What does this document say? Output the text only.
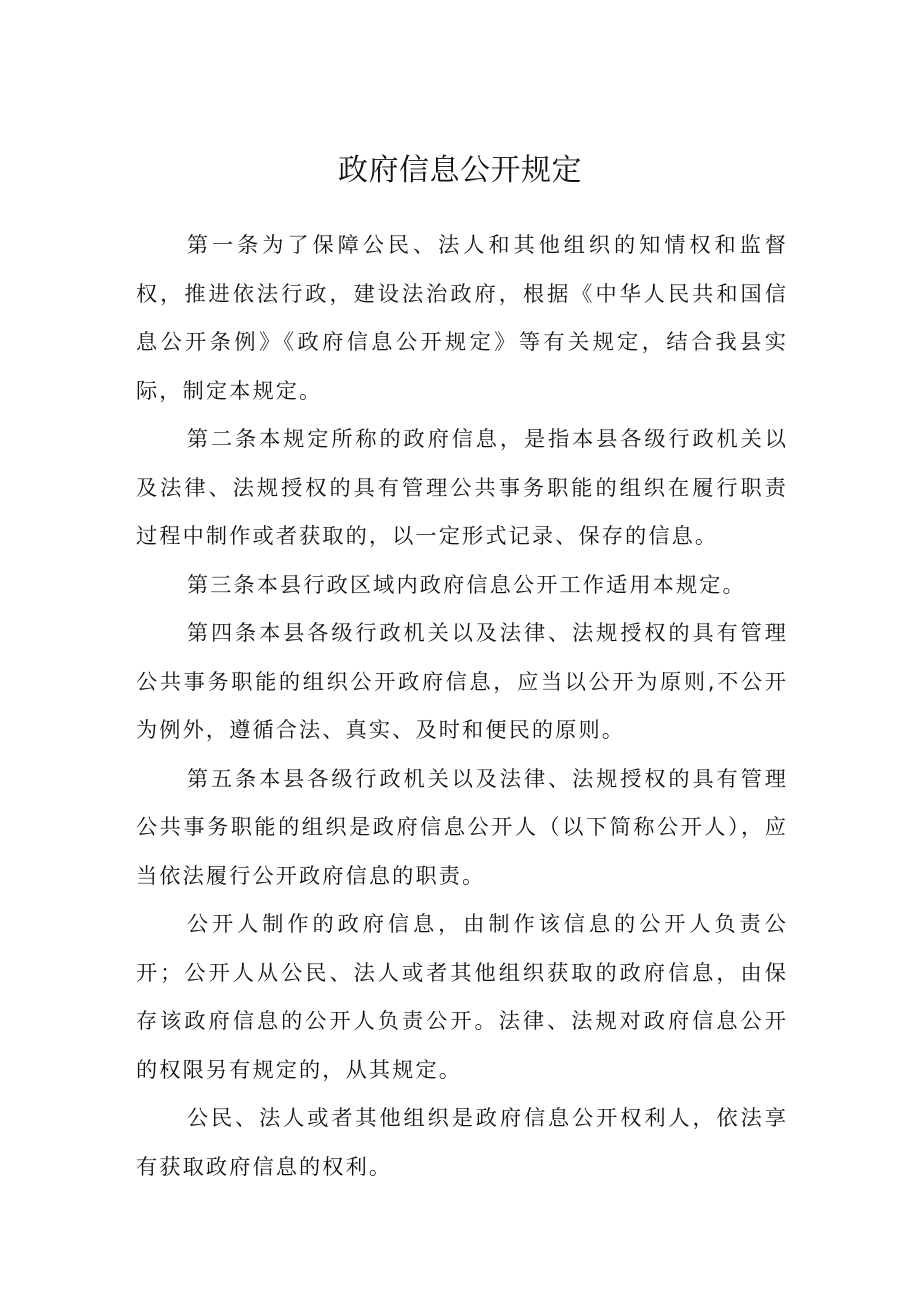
政府信息公开规定

第一条为了保障公民、法人和其他组织的知情权和监督权，推进依法行政，建设法治政府，根据《中华人民共和国信息公开条例》《政府信息公开规定》等有关规定，结合我县实际，制定本规定。

第二条本规定所称的政府信息，是指本县各级行政机关以及法律、法规授权的具有管理公共事务职能的组织在履行职责过程中制作或者获取的，以一定形式记录、保存的信息。

第三条本县行政区域内政府信息公开工作适用本规定。

第四条本县各级行政机关以及法律、法规授权的具有管理公共事务职能的组织公开政府信息，应当以公开为原则,不公开为例外，遵循合法、真实、及时和便民的原则。

第五条本县各级行政机关以及法律、法规授权的具有管理公共事务职能的组织是政府信息公开人（以下简称公开人），应当依法履行公开政府信息的职责。

公开人制作的政府信息，由制作该信息的公开人负责公开；公开人从公民、法人或者其他组织获取的政府信息，由保存该政府信息的公开人负责公开。法律、法规对政府信息公开的权限另有规定的，从其规定。

公民、法人或者其他组织是政府信息公开权利人，依法享有获取政府信息的权利。
